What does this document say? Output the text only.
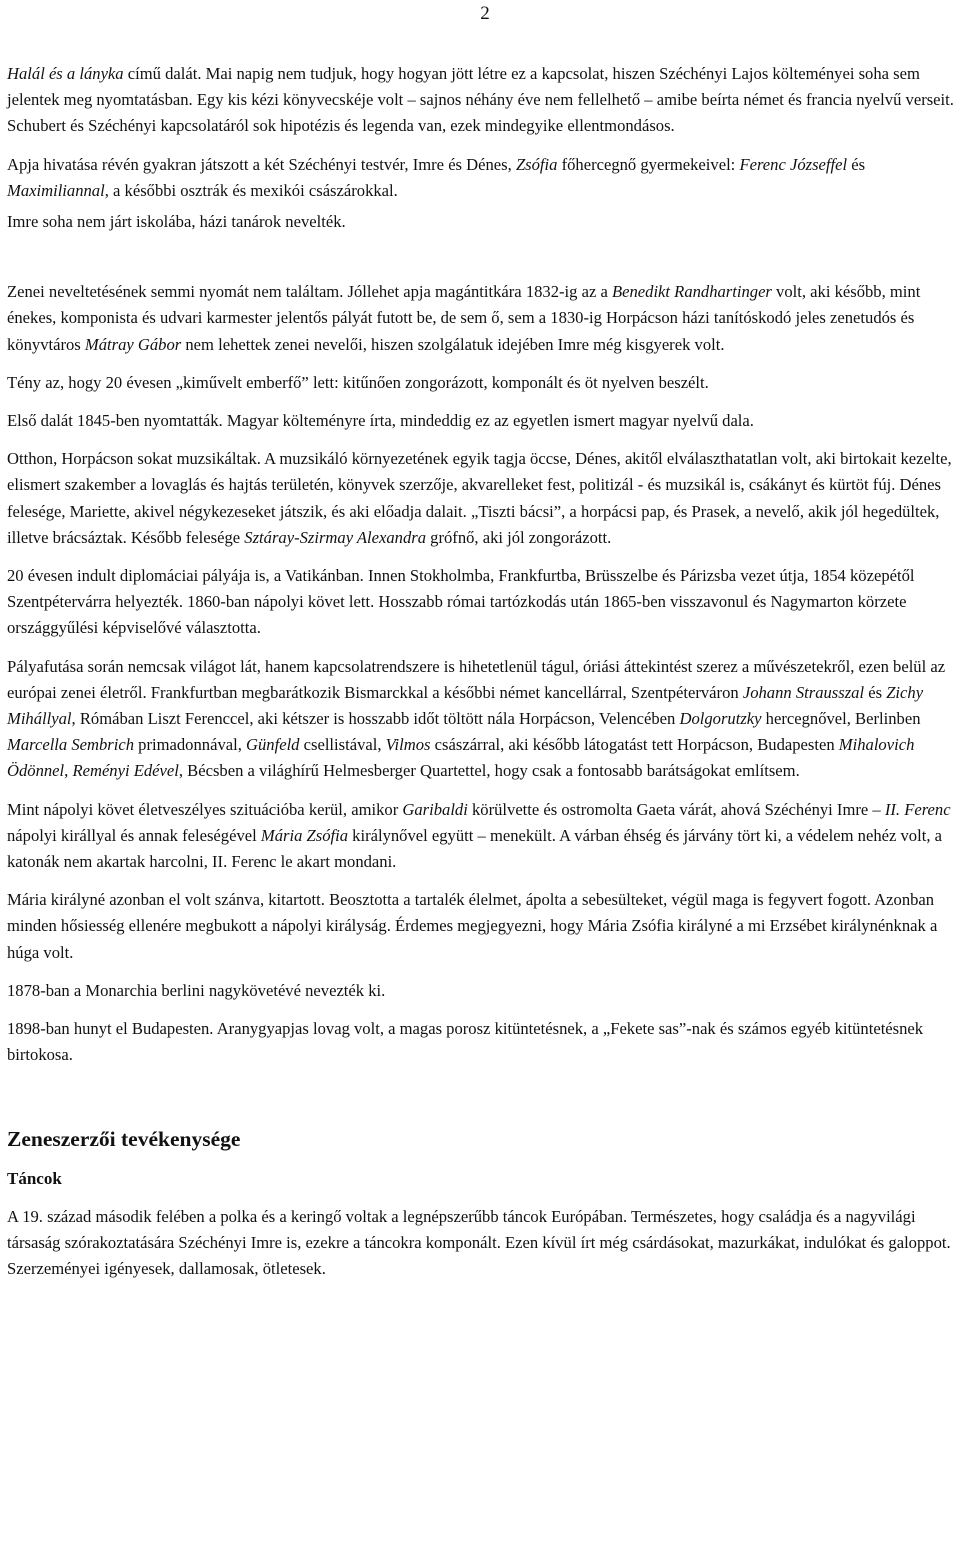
2

Halál és a lányka című dalát. Mai napig nem tudjuk, hogy hogyan jött létre ez a kapcsolat, hiszen Széchényi Lajos költeményei soha sem jelentek meg nyomtatásban. Egy kis kézi könyvecskéje volt – sajnos néhány éve nem fellelhető – amibe beírta német és francia nyelvű verseit. Schubert és Széchényi kapcsolatáról sok hipotézis és legenda van, ezek mindegyike ellentmondásos.

Apja hivatása révén gyakran játszott a két Széchényi testvér, Imre és Dénes, Zsófia főhercegnő gyermekeivel: Ferenc Józseffel és Maximiliannal, a későbbi osztrák és mexikói császárokkal.

Imre soha nem járt iskolába, házi tanárok nevelték.

Zenei neveltetésének semmi nyomát nem találtam. Jóllehet apja magántitkára 1832-ig az a Benedikt Randhartinger volt, aki később, mint énekes, komponista és udvari karmester jelentős pályát futott be, de sem ő, sem a 1830-ig Horpácson házi tanítóskodó jeles zenetudós és könyvtáros Mátray Gábor nem lehettek zenei nevelői, hiszen szolgálatuk idejében Imre még kisgyerek volt.

Tény az, hogy 20 évesen „kiművelt emberfő” lett: kitűnően zongorázott, komponált és öt nyelven beszélt.

Első dalát 1845-ben nyomtatták. Magyar költeményre írta, mindeddig ez az egyetlen ismert magyar nyelvű dala.

Otthon, Horpácson sokat muzsikáltak. A muzsikáló környezetének egyik tagja öccse, Dénes, akitől elválaszthatatlan volt, aki birtokait kezelte, elismert szakember a lovaglás és hajtás területén, könyvek szerzője, akvarelleket fest, politizál - és muzsikál is, csákányt és kürtöt fúj. Dénes felesége, Mariette, akivel négykezeseket játszik, és aki előadja dalait. „Tiszti bácsi”, a horpácsi pap, és Prasek, a nevelő, akik jól hegedültek, illetve brácsáztak. Később felesége Sztáray-Szirmay Alexandra grófnő, aki jól zongorázott.

20 évesen indult diplomáciai pályája is, a Vatikánban. Innen Stokholmba, Frankfurtba, Brüsszelbe és Párizsba vezet útja, 1854 közepétől Szentpétervárra helyezték. 1860-ban nápolyi követ lett. Hosszabb római tartózkodás után 1865-ben visszavonul és Nagymarton körzete országgyűlési képviselővé választotta.

Pályafutása során nemcsak világot lát, hanem kapcsolatrendszere is hihetetlenül tágul, óriási áttekintést szerez a művészetekről, ezen belül az európai zenei életről. Frankfurtban megbarátkozik Bismarckkal a későbbi német kancellárral, Szentpéterváron Johann Strausszal és Zichy Mihállyal, Rómában Liszt Ferenccel, aki kétszer is hosszabb időt töltött nála Horpácson, Velencében Dolgorutzky hercegnővel, Berlinben Marcella Sembrich primadonnával, Günfeld csellistával, Vilmos császárral, aki később látogatást tett Horpácson, Budapesten Mihalovich Ödönnel, Reményi Edével, Bécsben a világhírű Helmesberger Quartettel, hogy csak a fontosabb barátságokat említsem.

Mint nápolyi követ életveszélyes szituációba kerül, amikor Garibaldi körülvette és ostromolta Gaeta várát, ahová Széchényi Imre – II. Ferenc nápolyi királlyal és annak feleségével Mária Zsófia királynővel együtt – menekült. A várban éhség és járvány tört ki, a védelem nehéz volt, a katonák nem akartak harcolni, II. Ferenc le akart mondani.

Mária királyné azonban el volt szánva, kitartott. Beosztotta a tartalék élelmet, ápolta a sebesülteket, végül maga is fegyvert fogott. Azonban minden hősiesség ellenére megbukott a nápolyi királyság. Érdemes megjegyezni, hogy Mária Zsófia királyné a mi Erzsébet királynénknak a húga volt.

1878-ban a Monarchia berlini nagykövetévé nevezték ki.

1898-ban hunyt el Budapesten. Aranygyapjas lovag volt, a magas porosz kitüntetésnek, a „Fekete sas”-nak és számos egyéb kitüntetésnek birtokosa.

Zeneszerzői tevékenysége
Táncok

A 19. század második felében a polka és a keringő voltak a legnépszerűbb táncok Európában. Természetes, hogy családja és a nagyvilági társaság szórakoztatására Széchényi Imre is, ezekre a táncokra komponált. Ezen kívül írt még csárdásokat, mazurkákat, indulókat és galoppot. Szerzeményei igényesek, dallamosak, ötletesek.
